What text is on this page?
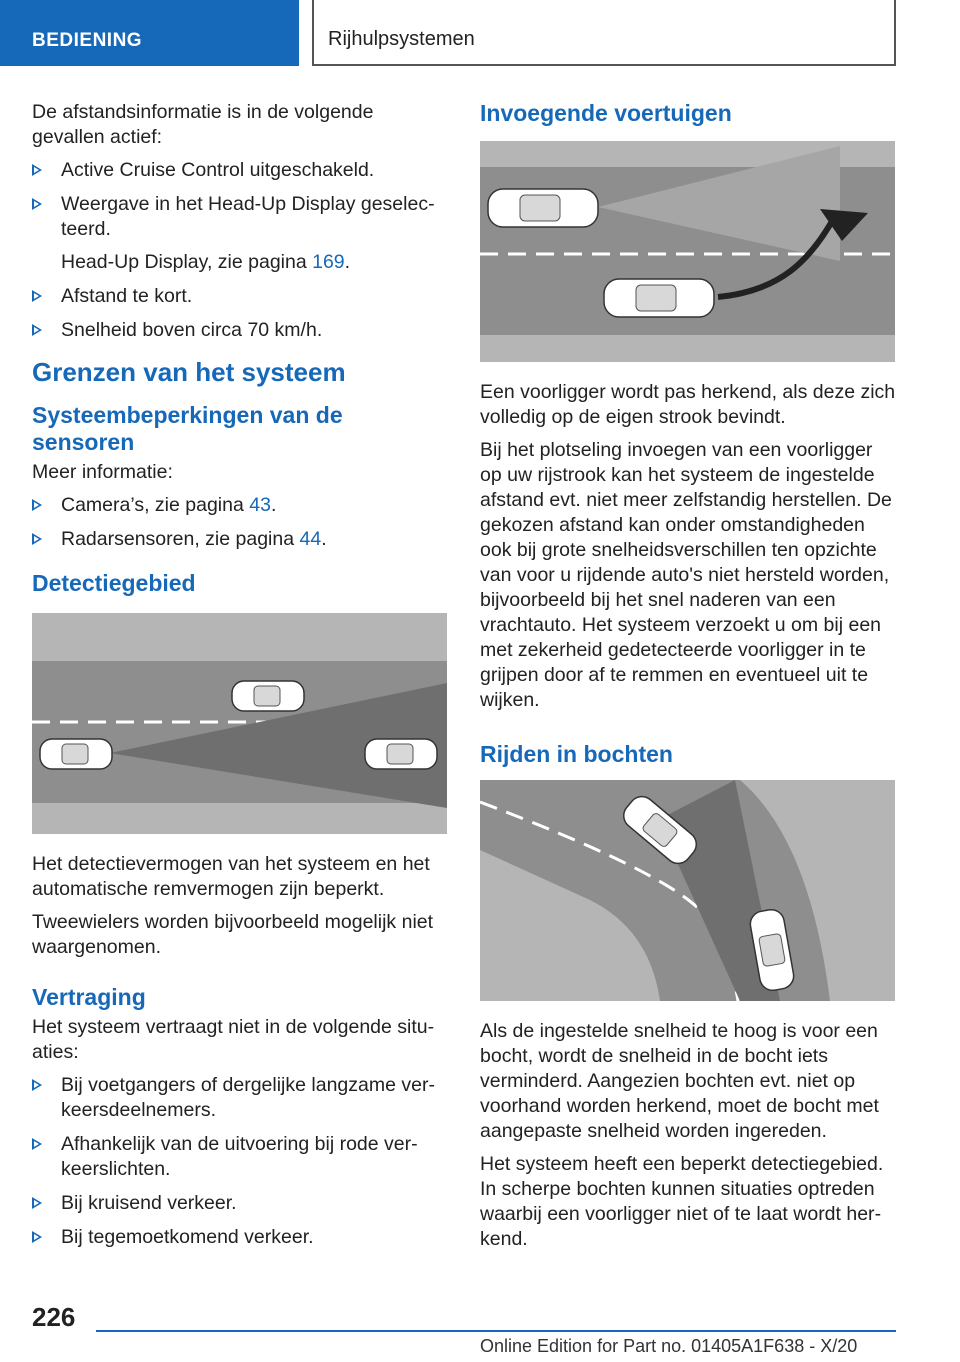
BEDIENING	Rijhulpsystemen

De afstandsinformatie is in de volgende gevallen actief:

Active Cruise Control uitgeschakeld.
Weergave in het Head-Up Display geselecteerd.
Head-Up Display, zie pagina 169.
Afstand te kort.
Snelheid boven circa 70 km/h.
Grenzen van het systeem
Systeembeperkingen van de sensoren

Meer informatie:

Camera’s, zie pagina 43.
Radarsensoren, zie pagina 44.
Detectiegebied

Het detectievermogen van het systeem en het automatische remvermogen zijn beperkt.

Tweewielers worden bijvoorbeeld mogelijk niet waargenomen.

Vertraging

Het systeem vertraagt niet in de volgende situaties:

Bij voetgangers of dergelijke langzame verkeersdeelnemers.
Afhankelijk van de uitvoering bij rode verkeerslichten.
Bij kruisend verkeer.
Bij tegemoetkomend verkeer.
Invoegende voertuigen

Een voorligger wordt pas herkend, als deze zich volledig op de eigen strook bevindt.

Bij het plotseling invoegen van een voorligger op uw rijstrook kan het systeem de ingestelde afstand evt. niet meer zelfstandig herstellen. De gekozen afstand kan onder omstandigheden ook bij grote snelheidsverschillen ten opzichte van voor u rijdende auto's niet hersteld worden, bijvoorbeeld bij het snel naderen van een vrachtauto. Het systeem verzoekt u om bij een met zekerheid gedetecteerde voorligger in te grijpen door af te remmen en eventueel uit te wijken.

Rijden in bochten

Als de ingestelde snelheid te hoog is voor een bocht, wordt de snelheid in de bocht iets verminderd. Aangezien bochten evt. niet op voorhand worden herkend, moet de bocht met aangepaste snelheid worden ingereden.

Het systeem heeft een beperkt detectiegebied. In scherpe bochten kunnen situaties optreden waarbij een voorligger niet of te laat wordt herkend.

226
Online Edition for Part no. 01405A1F638 - X/20
